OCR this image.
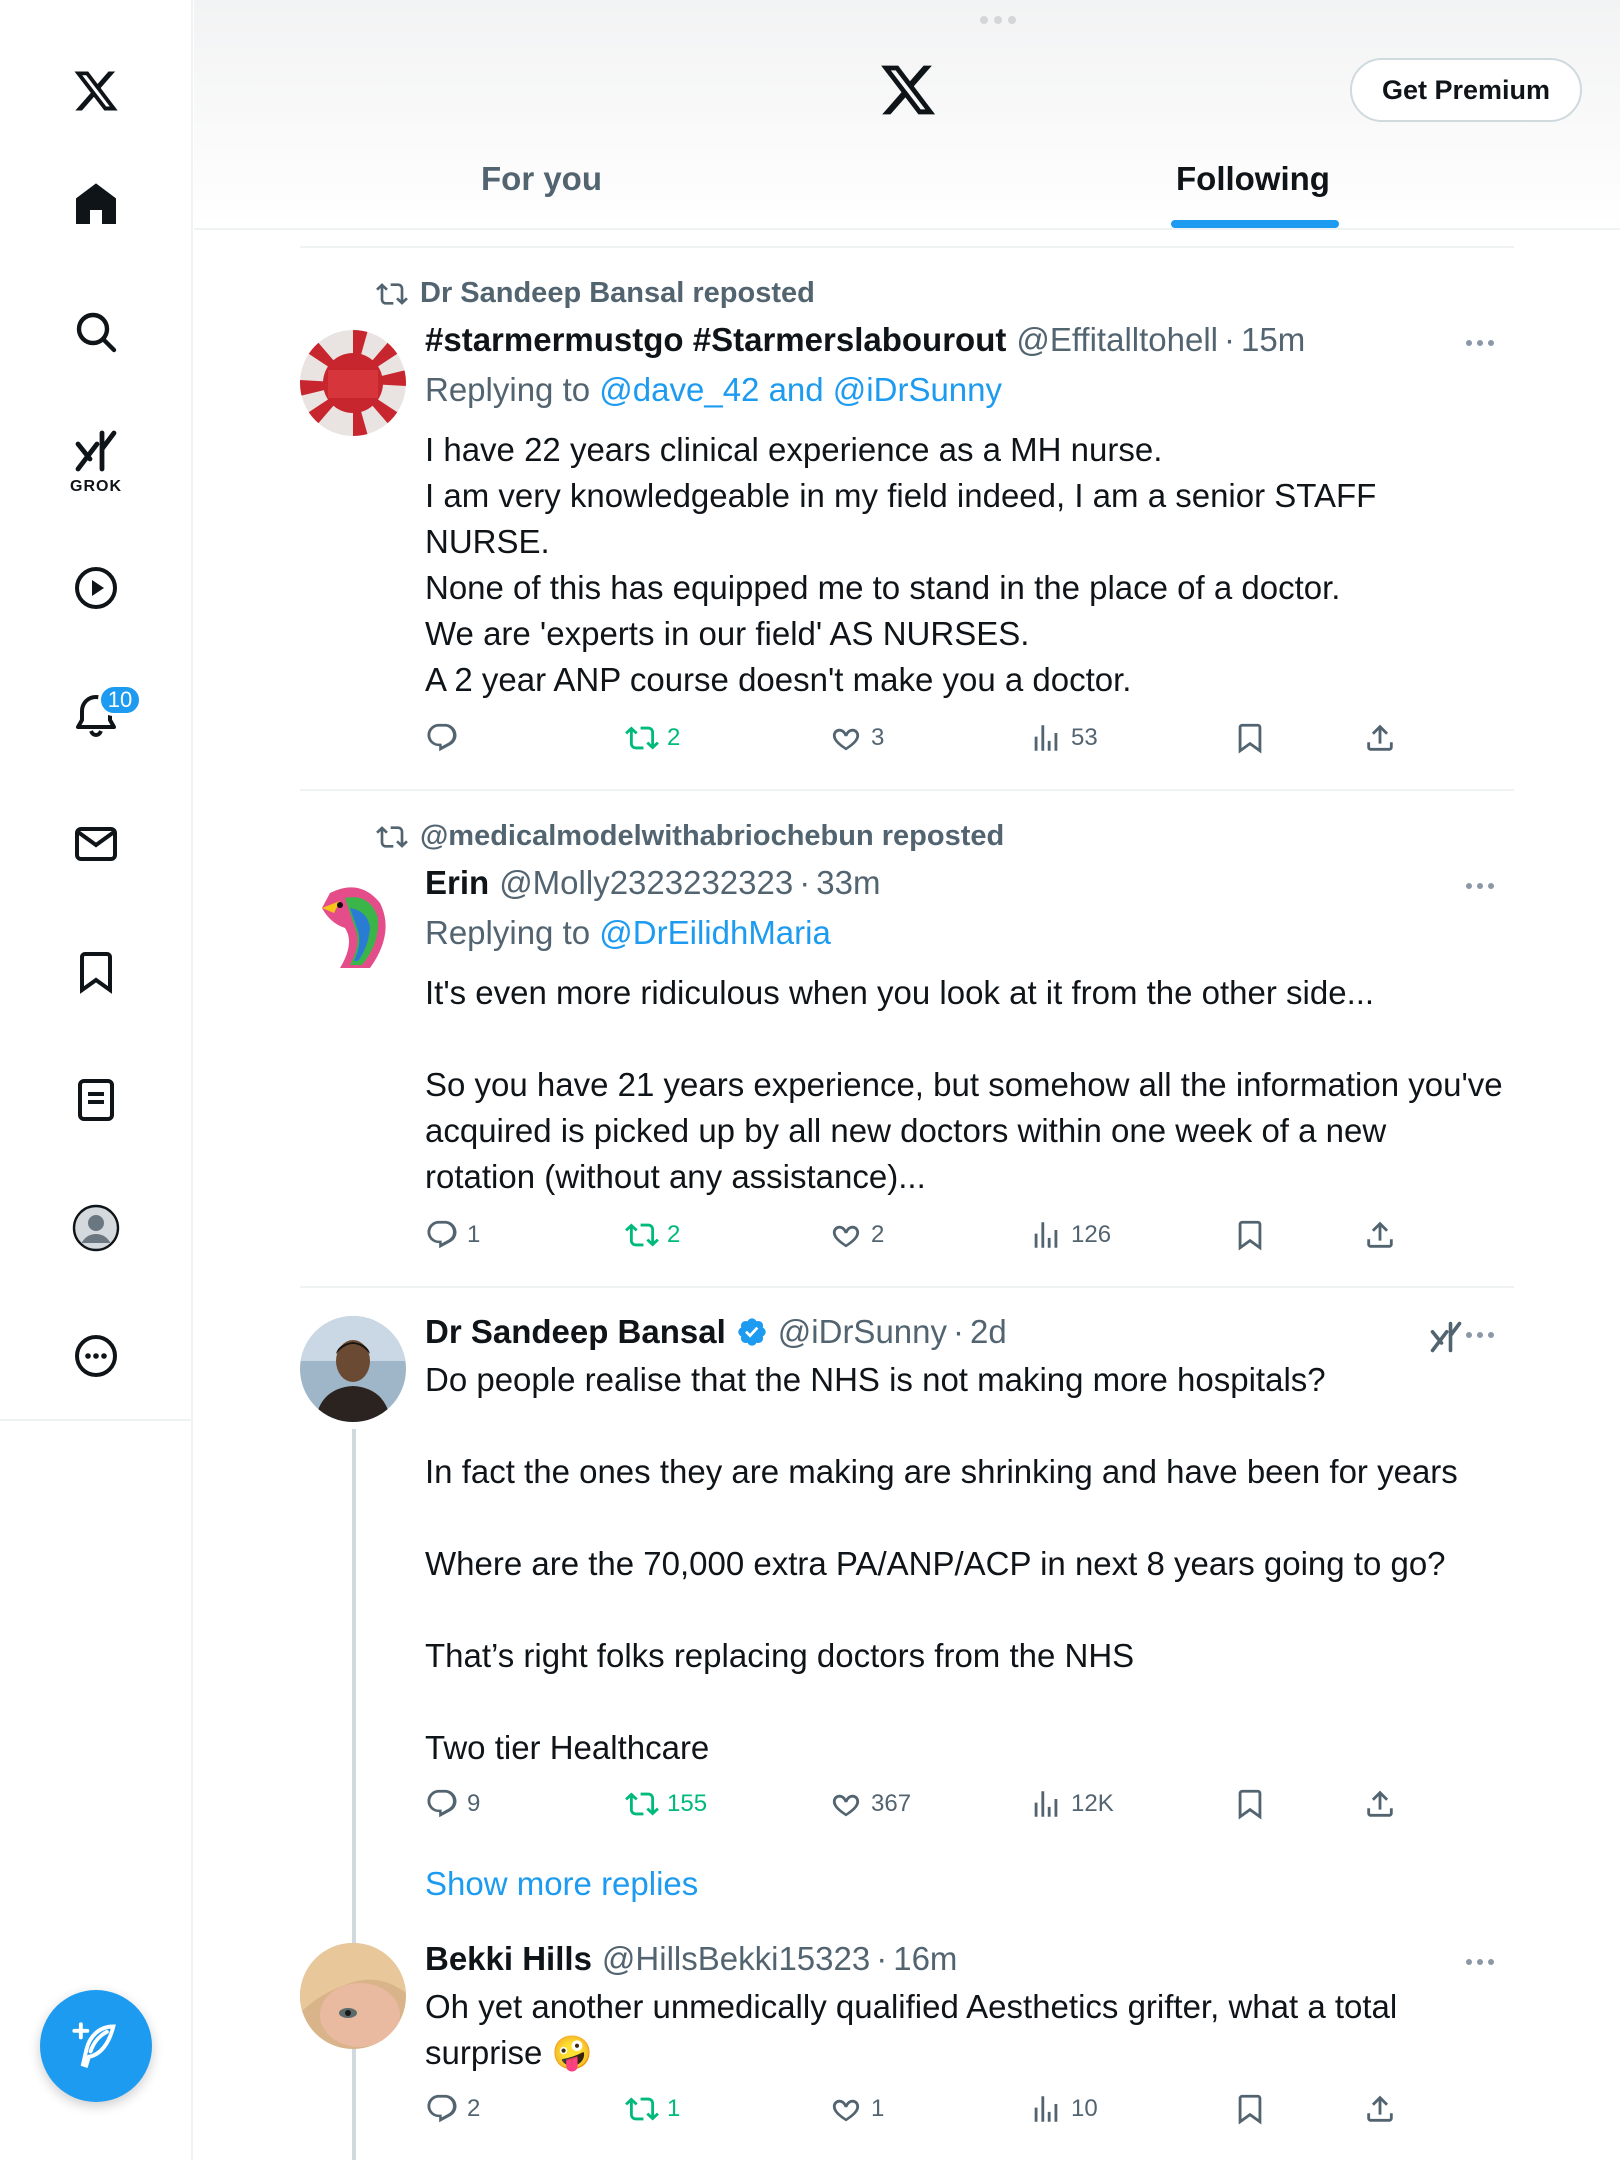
GROK
10
Get Premium
For you	Following
Dr Sandeep Bansal reposted
#starmermustgo #Starmerslabourout @Effitalltohell · 15m
Replying to @dave_42 and @iDrSunny
I have 22 years clinical experience as a MH nurse.
I am very knowledgeable in my field indeed, I am a senior STAFF NURSE.
None of this has equipped me to stand in the place of a doctor.
We are 'experts in our field' AS NURSES.
A 2 year ANP course doesn't make you a doctor.
2	3	53
@medicalmodelwithabriochebun reposted
Erin @Molly2323232323 · 33m
Replying to @DrEilidhMaria
It's even more ridiculous when you look at it from the other side...

So you have 21 years experience, but somehow all the information you've acquired is picked up by all new doctors within one week of a new rotation (without any assistance)...
1	2	2	126
Dr Sandeep Bansal @iDrSunny · 2d
Do people realise that the NHS is not making more hospitals?

In fact the ones they are making are shrinking and have been for years

Where are the 70,000 extra PA/ANP/ACP in next 8 years going to go?

That’s right folks replacing doctors from the NHS

Two tier Healthcare
9	155	367	12K
Show more replies
Bekki Hills @HillsBekki15323 · 16m
Oh yet another unmedically qualified Aesthetics grifter, what a total surprise 🤪
2	1	1	10
